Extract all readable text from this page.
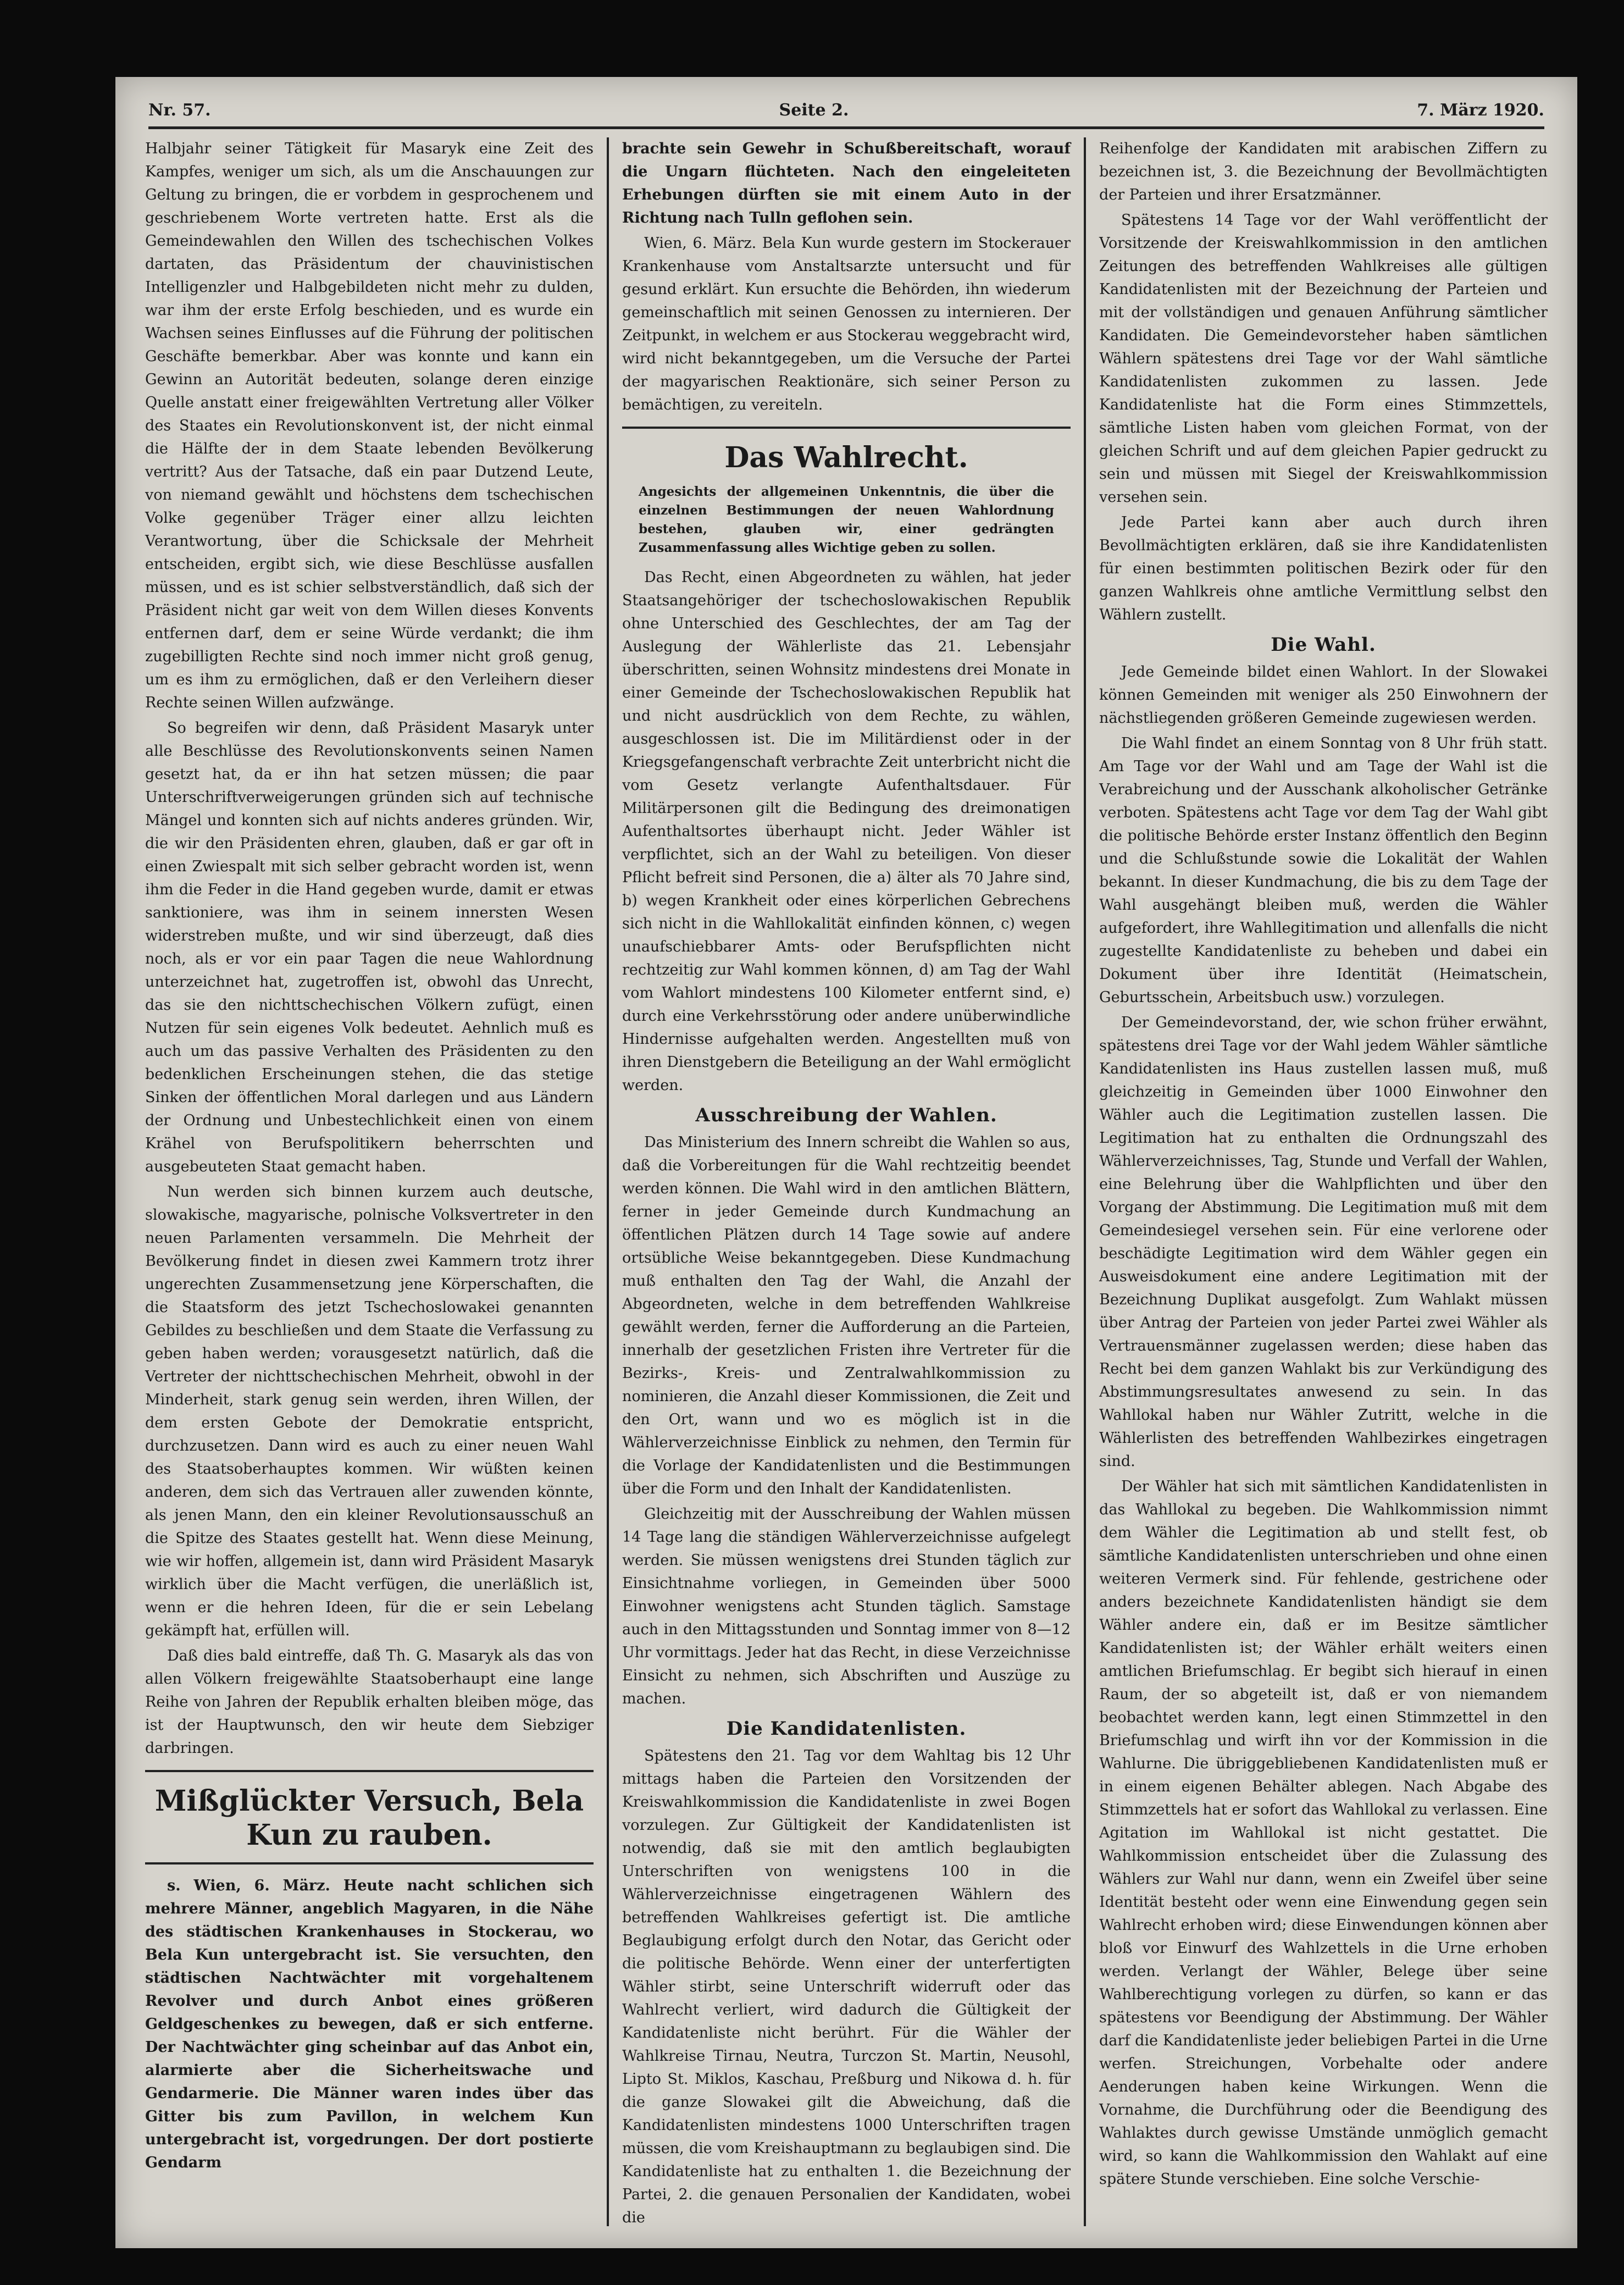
Nr. 57.	Seite 2.	7. März 1920.

Halbjahr seiner Tätigkeit für Masaryk eine Zeit des Kampfes, weniger um sich, als um die Anschauungen zur Geltung zu bringen, die er vorbdem in gesprochenem und geschriebenem Worte vertreten hatte. Erst als die Gemeindewahlen den Willen des tschechischen Volkes dartaten, das Präsidentum der chauvinistischen Intelligenzler und Halbgebildeten nicht mehr zu dulden, war ihm der erste Erfolg beschieden, und es wurde ein Wachsen seines Einflusses auf die Führung der politischen Geschäfte bemerkbar. Aber was konnte und kann ein Gewinn an Autorität bedeuten, solange deren einzige Quelle anstatt einer freigewählten Vertretung aller Völker des Staates ein Revolutionskonvent ist, der nicht einmal die Hälfte der in dem Staate lebenden Bevölkerung vertritt? Aus der Tatsache, daß ein paar Dutzend Leute, von niemand gewählt und höchstens dem tschechischen Volke gegenüber Träger einer allzu leichten Verantwortung, über die Schicksale der Mehrheit entscheiden, ergibt sich, wie diese Beschlüsse ausfallen müssen, und es ist schier selbstverständlich, daß sich der Präsident nicht gar weit von dem Willen dieses Konvents entfernen darf, dem er seine Würde verdankt; die ihm zugebilligten Rechte sind noch immer nicht groß genug, um es ihm zu ermöglichen, daß er den Verleihern dieser Rechte seinen Willen aufzwänge.

So begreifen wir denn, daß Präsident Masaryk unter alle Beschlüsse des Revolutionskonvents seinen Namen gesetzt hat, da er ihn hat setzen müssen; die paar Unterschriftverweigerungen gründen sich auf technische Mängel und konnten sich auf nichts anderes gründen. Wir, die wir den Präsidenten ehren, glauben, daß er gar oft in einen Zwiespalt mit sich selber gebracht worden ist, wenn ihm die Feder in die Hand gegeben wurde, damit er etwas sanktioniere, was ihm in seinem innersten Wesen widerstreben mußte, und wir sind überzeugt, daß dies noch, als er vor ein paar Tagen die neue Wahlordnung unterzeichnet hat, zugetroffen ist, obwohl das Unrecht, das sie den nichttschechischen Völkern zufügt, einen Nutzen für sein eigenes Volk bedeutet. Aehnlich muß es auch um das passive Verhalten des Präsidenten zu den bedenklichen Erscheinungen stehen, die das stetige Sinken der öffentlichen Moral darlegen und aus Ländern der Ordnung und Unbestechlichkeit einen von einem Krähel von Berufspolitikern beherrschten und ausgebeuteten Staat gemacht haben.

Nun werden sich binnen kurzem auch deutsche, slowakische, magyarische, polnische Volksvertreter in den neuen Parlamenten versammeln. Die Mehrheit der Bevölkerung findet in diesen zwei Kammern trotz ihrer ungerechten Zusammensetzung jene Körperschaften, die die Staatsform des jetzt Tschechoslowakei genannten Gebildes zu beschließen und dem Staate die Verfassung zu geben haben werden; vorausgesetzt natürlich, daß die Vertreter der nichttschechischen Mehrheit, obwohl in der Minderheit, stark genug sein werden, ihren Willen, der dem ersten Gebote der Demokratie entspricht, durchzusetzen. Dann wird es auch zu einer neuen Wahl des Staatsoberhauptes kommen. Wir wüßten keinen anderen, dem sich das Vertrauen aller zuwenden könnte, als jenen Mann, den ein kleiner Revolutionsausschuß an die Spitze des Staates gestellt hat. Wenn diese Meinung, wie wir hoffen, allgemein ist, dann wird Präsident Masaryk wirklich über die Macht verfügen, die unerläßlich ist, wenn er die hehren Ideen, für die er sein Lebelang gekämpft hat, erfüllen will.

Daß dies bald eintreffe, daß Th. G. Masaryk als das von allen Völkern freigewählte Staatsoberhaupt eine lange Reihe von Jahren der Republik erhalten bleiben möge, das ist der Hauptwunsch, den wir heute dem Siebziger darbringen.

Mißglückter Versuch, Bela Kun zu rauben.

s. Wien, 6. März. Heute nacht schlichen sich mehrere Männer, angeblich Magyaren, in die Nähe des städtischen Krankenhauses in Stockerau, wo Bela Kun untergebracht ist. Sie versuchten, den städtischen Nachtwächter mit vorgehaltenem Revolver und durch Anbot eines größeren Geldgeschenkes zu bewegen, daß er sich entferne. Der Nachtwächter ging scheinbar auf das Anbot ein, alarmierte aber die Sicherheitswache und Gendarmerie. Die Männer waren indes über das Gitter bis zum Pavillon, in welchem Kun untergebracht ist, vorgedrungen. Der dort postierte Gendarm

brachte sein Gewehr in Schußbereitschaft, worauf die Ungarn flüchteten. Nach den eingeleiteten Erhebungen dürften sie mit einem Auto in der Richtung nach Tulln geflohen sein.

Wien, 6. März. Bela Kun wurde gestern im Stockerauer Krankenhause vom Anstaltsarzte untersucht und für gesund erklärt. Kun ersuchte die Behörden, ihn wiederum gemeinschaftlich mit seinen Genossen zu internieren. Der Zeitpunkt, in welchem er aus Stockerau weggebracht wird, wird nicht bekanntgegeben, um die Versuche der Partei der magyarischen Reaktionäre, sich seiner Person zu bemächtigen, zu vereiteln.

Das Wahlrecht.
Angesichts der allgemeinen Unkenntnis, die über die einzelnen Bestimmungen der neuen Wahlordnung bestehen, glauben wir, einer gedrängten Zusammenfassung alles Wichtige geben zu sollen.

Das Recht, einen Abgeordneten zu wählen, hat jeder Staatsangehöriger der tschechoslowakischen Republik ohne Unterschied des Geschlechtes, der am Tag der Auslegung der Wählerliste das 21. Lebensjahr überschritten, seinen Wohnsitz mindestens drei Monate in einer Gemeinde der Tschechoslowakischen Republik hat und nicht ausdrücklich von dem Rechte, zu wählen, ausgeschlossen ist. Die im Militärdienst oder in der Kriegsgefangenschaft verbrachte Zeit unterbricht nicht die vom Gesetz verlangte Aufenthaltsdauer. Für Militärpersonen gilt die Bedingung des dreimonatigen Aufenthaltsortes überhaupt nicht. Jeder Wähler ist verpflichtet, sich an der Wahl zu beteiligen. Von dieser Pflicht befreit sind Personen, die a) älter als 70 Jahre sind, b) wegen Krankheit oder eines körperlichen Gebrechens sich nicht in die Wahllokalität einfinden können, c) wegen unaufschiebbarer Amts- oder Berufspflichten nicht rechtzeitig zur Wahl kommen können, d) am Tag der Wahl vom Wahlort mindestens 100 Kilometer entfernt sind, e) durch eine Verkehrsstörung oder andere unüberwindliche Hindernisse aufgehalten werden. Angestellten muß von ihren Dienstgebern die Beteiligung an der Wahl ermöglicht werden.

Ausschreibung der Wahlen.

Das Ministerium des Innern schreibt die Wahlen so aus, daß die Vorbereitungen für die Wahl rechtzeitig beendet werden können. Die Wahl wird in den amtlichen Blättern, ferner in jeder Gemeinde durch Kundmachung an öffentlichen Plätzen durch 14 Tage sowie auf andere ortsübliche Weise bekanntgegeben. Diese Kundmachung muß enthalten den Tag der Wahl, die Anzahl der Abgeordneten, welche in dem betreffenden Wahlkreise gewählt werden, ferner die Aufforderung an die Parteien, innerhalb der gesetzlichen Fristen ihre Vertreter für die Bezirks-, Kreis- und Zentralwahlkommission zu nominieren, die Anzahl dieser Kommissionen, die Zeit und den Ort, wann und wo es möglich ist in die Wählerverzeichnisse Einblick zu nehmen, den Termin für die Vorlage der Kandidatenlisten und die Bestimmungen über die Form und den Inhalt der Kandidatenlisten.

Gleichzeitig mit der Ausschreibung der Wahlen müssen 14 Tage lang die ständigen Wählerverzeichnisse aufgelegt werden. Sie müssen wenigstens drei Stunden täglich zur Einsichtnahme vorliegen, in Gemeinden über 5000 Einwohner wenigstens acht Stunden täglich. Samstage auch in den Mittagsstunden und Sonntag immer von 8—12 Uhr vormittags. Jeder hat das Recht, in diese Verzeichnisse Einsicht zu nehmen, sich Abschriften und Auszüge zu machen.

Die Kandidatenlisten.

Spätestens den 21. Tag vor dem Wahltag bis 12 Uhr mittags haben die Parteien den Vorsitzenden der Kreiswahlkommission die Kandidatenliste in zwei Bogen vorzulegen. Zur Gültigkeit der Kandidatenlisten ist notwendig, daß sie mit den amtlich beglaubigten Unterschriften von wenigstens 100 in die Wählerverzeichnisse eingetragenen Wählern des betreffenden Wahlkreises gefertigt ist. Die amtliche Beglaubigung erfolgt durch den Notar, das Gericht oder die politische Behörde. Wenn einer der unterfertigten Wähler stirbt, seine Unterschrift widerruft oder das Wahlrecht verliert, wird dadurch die Gültigkeit der Kandidatenliste nicht berührt. Für die Wähler der Wahlkreise Tirnau, Neutra, Turczon St. Martin, Neusohl, Lipto St. Miklos, Kaschau, Preßburg und Nikowa d. h. für die ganze Slowakei gilt die Abweichung, daß die Kandidatenlisten mindestens 1000 Unterschriften tragen müssen, die vom Kreishauptmann zu beglaubigen sind. Die Kandidatenliste hat zu enthalten 1. die Bezeichnung der Partei, 2. die genauen Personalien der Kandidaten, wobei die

Reihenfolge der Kandidaten mit arabischen Ziffern zu bezeichnen ist, 3. die Bezeichnung der Bevollmächtigten der Parteien und ihrer Ersatzmänner.

Spätestens 14 Tage vor der Wahl veröffentlicht der Vorsitzende der Kreiswahlkommission in den amtlichen Zeitungen des betreffenden Wahlkreises alle gültigen Kandidatenlisten mit der Bezeichnung der Parteien und mit der vollständigen und genauen Anführung sämtlicher Kandidaten. Die Gemeindevorsteher haben sämtlichen Wählern spätestens drei Tage vor der Wahl sämtliche Kandidatenlisten zukommen zu lassen. Jede Kandidatenliste hat die Form eines Stimmzettels, sämtliche Listen haben vom gleichen Format, von der gleichen Schrift und auf dem gleichen Papier gedruckt zu sein und müssen mit Siegel der Kreiswahlkommission versehen sein.

Jede Partei kann aber auch durch ihren Bevollmächtigten erklären, daß sie ihre Kandidatenlisten für einen bestimmten politischen Bezirk oder für den ganzen Wahlkreis ohne amtliche Vermittlung selbst den Wählern zustellt.

Die Wahl.

Jede Gemeinde bildet einen Wahlort. In der Slowakei können Gemeinden mit weniger als 250 Einwohnern der nächstliegenden größeren Gemeinde zugewiesen werden.

Die Wahl findet an einem Sonntag von 8 Uhr früh statt. Am Tage vor der Wahl und am Tage der Wahl ist die Verabreichung und der Ausschank alkoholischer Getränke verboten. Spätestens acht Tage vor dem Tag der Wahl gibt die politische Behörde erster Instanz öffentlich den Beginn und die Schlußstunde sowie die Lokalität der Wahlen bekannt. In dieser Kundmachung, die bis zu dem Tage der Wahl ausgehängt bleiben muß, werden die Wähler aufgefordert, ihre Wahllegitimation und allenfalls die nicht zugestellte Kandidatenliste zu beheben und dabei ein Dokument über ihre Identität (Heimatschein, Geburtsschein, Arbeitsbuch usw.) vorzulegen.

Der Gemeindevorstand, der, wie schon früher erwähnt, spätestens drei Tage vor der Wahl jedem Wähler sämtliche Kandidatenlisten ins Haus zustellen lassen muß, muß gleichzeitig in Gemeinden über 1000 Einwohner den Wähler auch die Legitimation zustellen lassen. Die Legitimation hat zu enthalten die Ordnungszahl des Wählerverzeichnisses, Tag, Stunde und Verfall der Wahlen, eine Belehrung über die Wahlpflichten und über den Vorgang der Abstimmung. Die Legitimation muß mit dem Gemeindesiegel versehen sein. Für eine verlorene oder beschädigte Legitimation wird dem Wähler gegen ein Ausweisdokument eine andere Legitimation mit der Bezeichnung Duplikat ausgefolgt. Zum Wahlakt müssen über Antrag der Parteien von jeder Partei zwei Wähler als Vertrauensmänner zugelassen werden; diese haben das Recht bei dem ganzen Wahlakt bis zur Verkündigung des Abstimmungsresultates anwesend zu sein. In das Wahllokal haben nur Wähler Zutritt, welche in die Wählerlisten des betreffenden Wahlbezirkes eingetragen sind.

Der Wähler hat sich mit sämtlichen Kandidatenlisten in das Wahllokal zu begeben. Die Wahlkommission nimmt dem Wähler die Legitimation ab und stellt fest, ob sämtliche Kandidatenlisten unterschrieben und ohne einen weiteren Vermerk sind. Für fehlende, gestrichene oder anders bezeichnete Kandidatenlisten händigt sie dem Wähler andere ein, daß er im Besitze sämtlicher Kandidatenlisten ist; der Wähler erhält weiters einen amtlichen Briefumschlag. Er begibt sich hierauf in einen Raum, der so abgeteilt ist, daß er von niemandem beobachtet werden kann, legt einen Stimmzettel in den Briefumschlag und wirft ihn vor der Kommission in die Wahlurne. Die übriggebliebenen Kandidatenlisten muß er in einem eigenen Behälter ablegen. Nach Abgabe des Stimmzettels hat er sofort das Wahllokal zu verlassen. Eine Agitation im Wahllokal ist nicht gestattet. Die Wahlkommission entscheidet über die Zulassung des Wählers zur Wahl nur dann, wenn ein Zweifel über seine Identität besteht oder wenn eine Einwendung gegen sein Wahlrecht erhoben wird; diese Einwendungen können aber bloß vor Einwurf des Wahlzettels in die Urne erhoben werden. Verlangt der Wähler, Belege über seine Wahlberechtigung vorlegen zu dürfen, so kann er das spätestens vor Beendigung der Abstimmung. Der Wähler darf die Kandidatenliste jeder beliebigen Partei in die Urne werfen. Streichungen, Vorbehalte oder andere Aenderungen haben keine Wirkungen. Wenn die Vornahme, die Durchführung oder die Beendigung des Wahlaktes durch gewisse Umstände unmöglich gemacht wird, so kann die Wahlkommission den Wahlakt auf eine spätere Stunde verschieben. Eine solche Verschie-
